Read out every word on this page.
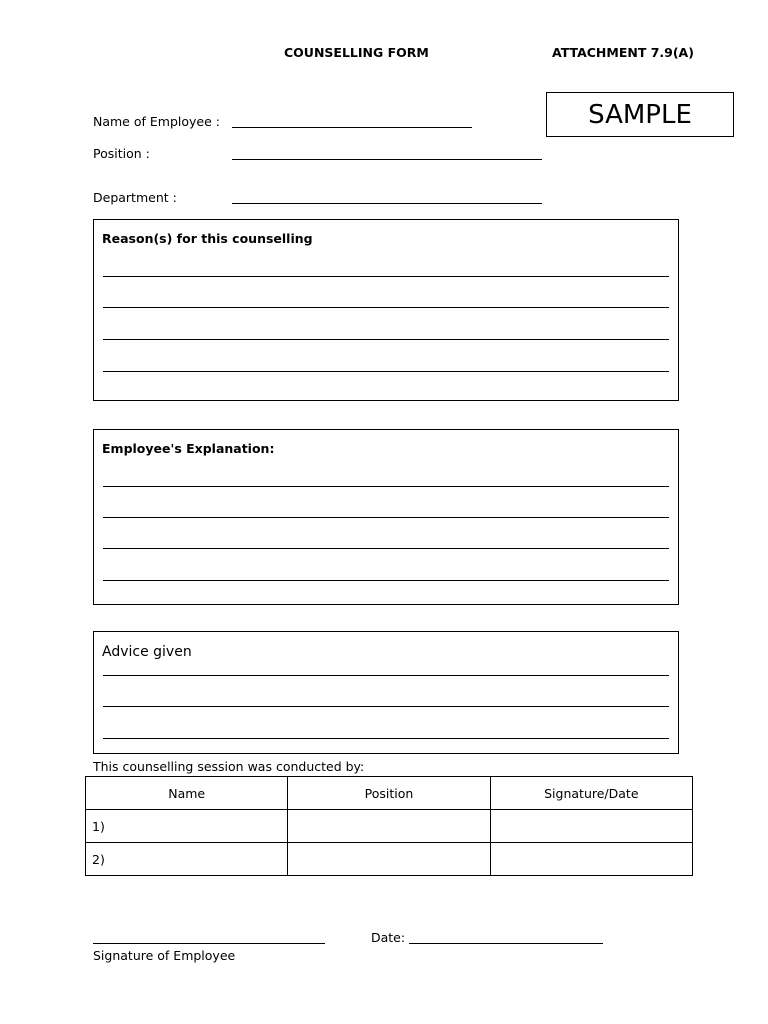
COUNSELLING FORM	ATTACHMENT 7.9(A)
SAMPLE
Name of Employee :
Position :
Department :
Reason(s) for this counselling
Employee's Explanation:
Advice given
This counselling session was conducted by:
Name	Position	Signature/Date
1)		
2)		
Signature of Employee
Date:
